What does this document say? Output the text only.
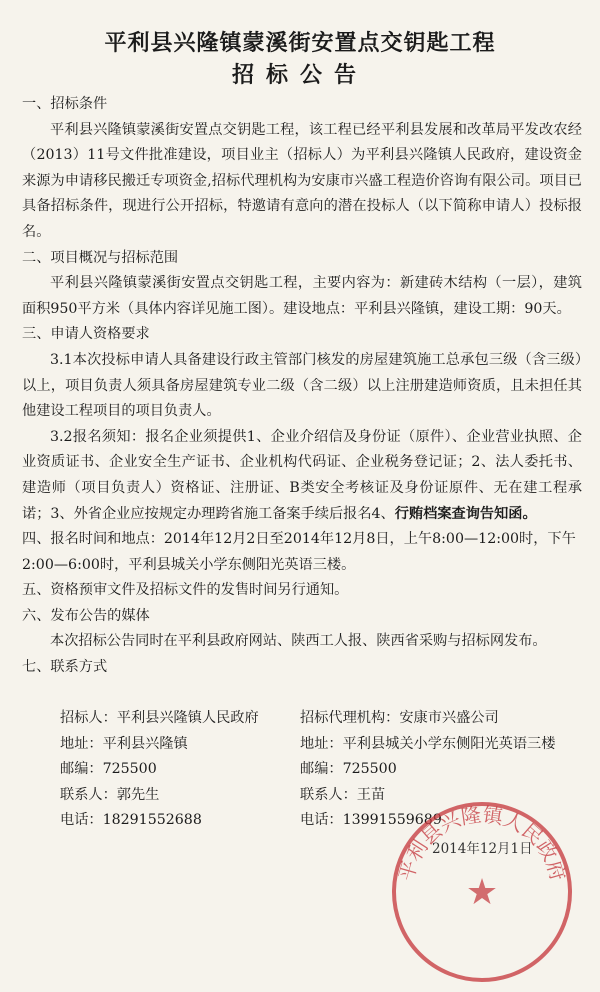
平利县兴隆镇蒙溪街安置点交钥匙工程
招标公告

一、招标条件

平利县兴隆镇蒙溪街安置点交钥匙工程，该工程已经平利县发展和改革局平发改农经（2013）11号文件批准建设，项目业主（招标人）为平利县兴隆镇人民政府，建设资金来源为申请移民搬迁专项资金,招标代理机构为安康市兴盛工程造价咨询有限公司。项目已具备招标条件，现进行公开招标，特邀请有意向的潜在投标人（以下简称申请人）投标报名。

二、项目概况与招标范围

平利县兴隆镇蒙溪街安置点交钥匙工程，主要内容为：新建砖木结构（一层），建筑面积950平方米（具体内容详见施工图）。建设地点：平利县兴隆镇，建设工期：90天。

三、申请人资格要求

3.1本次投标申请人具备建设行政主管部门核发的房屋建筑施工总承包三级（含三级）以上，项目负责人须具备房屋建筑专业二级（含二级）以上注册建造师资质，且未担任其他建设工程项目的项目负责人。

3.2报名须知：报名企业须提供1、企业介绍信及身份证（原件）、企业营业执照、企业资质证书、企业安全生产证书、企业机构代码证、企业税务登记证；2、法人委托书、建造师（项目负责人）资格证、注册证、B类安全考核证及身份证原件、无在建工程承诺；3、外省企业应按规定办理跨省施工备案手续后报名4、行贿档案查询告知函。

四、报名时间和地点：2014年12月2日至2014年12月8日，上午8:00—12:00时，下午2:00—6:00时，平利县城关小学东侧阳光英语三楼。

五、资格预审文件及招标文件的发售时间另行通知。

六、发布公告的媒体

本次招标公告同时在平利县政府网站、陕西工人报、陕西省采购与招标网发布。

七、联系方式

招标人：平利县兴隆镇人民政府	招标代理机构：安康市兴盛公司
地址：平利县兴隆镇	地址：平利县城关小学东侧阳光英语三楼
邮编：725500	邮编：725500
联系人：郭先生	联系人：王苗
电话：18291552688	电话：13991559689
平利县兴隆镇人民政府
★
2014年12月1日
